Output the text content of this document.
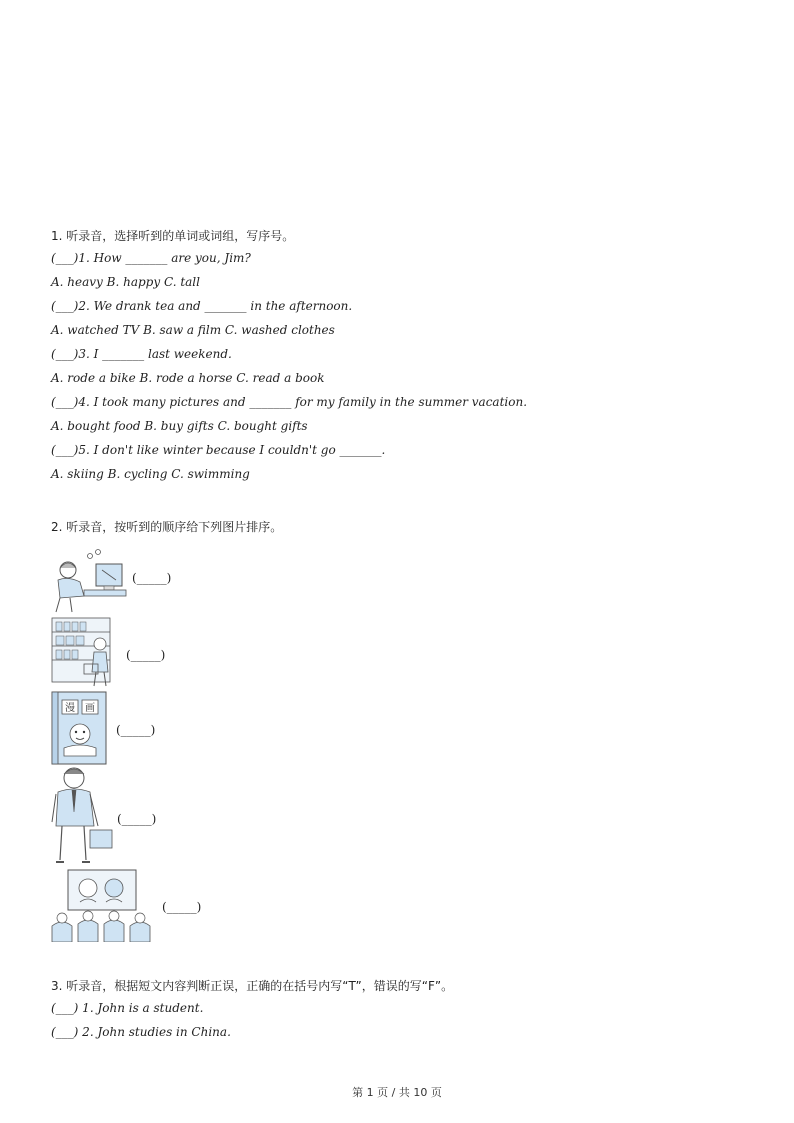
1. 听录音，选择听到的单词或词组，写序号。
(___)1. How _______ are you, Jim?
A. heavy B. happy C. tall
(___)2. We drank tea and _______ in the afternoon.
A. watched TV B. saw a film C. washed clothes
(___)3. I _______ last weekend.
A. rode a bike B. rode a horse C. read a book
(___)4. I took many pictures and _______ for my family in the summer vacation.
A. bought food B. buy gifts C. bought gifts
(___)5. I don't like winter because I couldn't go _______.
A. skiing B. cycling C. swimming
2. 听录音，按听到的顺序给下列图片排序。
(_____)
(_____)
漫 画
(_____)
(_____)
(_____)
3. 听录音，根据短文内容判断正误，正确的在括号内写“T”，错误的写“F”。
(___) 1. John is a student.
(___) 2. John studies in China.
第 1 页 / 共 10 页
